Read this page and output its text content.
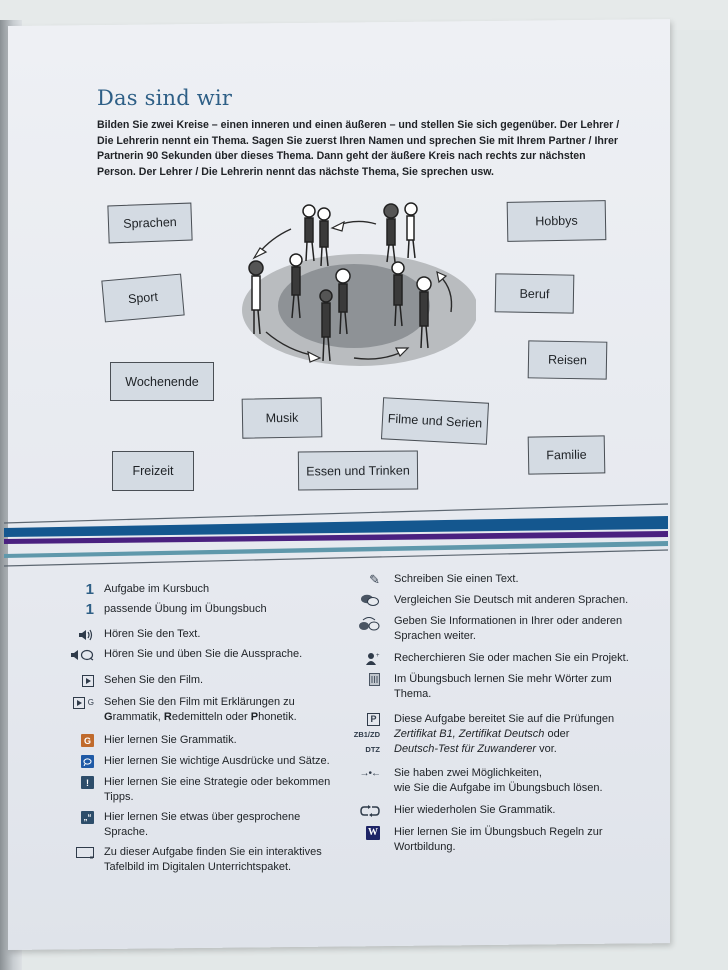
Das sind wir

Bilden Sie zwei Kreise – einen inneren und einen äußeren – und stellen Sie sich gegenüber. Der Lehrer / Die Lehrerin nennt ein Thema. Sagen Sie zuerst Ihren Namen und sprechen Sie mit Ihrem Partner / Ihrer Partnerin 90 Sekunden über dieses Thema. Dann geht der äußere Kreis nach rechts zur nächsten Person. Der Lehrer / Die Lehrerin nennt das nächste Thema, Sie sprechen usw.

Sprachen	Hobbys
Sport	Beruf
Reisen
Wochenende
Musik	Filme und Serien
Familie
Freizeit	Essen und Trinken
1 Aufgabe im Kursbuch
1 passende Übung im Übungsbuch
Hören Sie den Text.
Hören Sie und üben Sie die Aussprache.
Sehen Sie den Film.
G Sehen Sie den Film mit Erklärungen zu
Grammatik, Redemitteln oder Phonetik.
G Hier lernen Sie Grammatik.
Hier lernen Sie wichtige Ausdrücke und Sätze.
!	Hier lernen Sie eine Strategie oder bekommen
Tipps.
„“ Hier lernen Sie etwas über gesprochene
Sprache.
Zu dieser Aufgabe finden Sie ein interaktives
Tafelbild im Digitalen Unterrichtspaket.
✎ Schreiben Sie einen Text.
Vergleichen Sie Deutsch mit anderen Sprachen.
Geben Sie Informationen in Ihrer oder anderen
Sprachen weiter.
+ Recherchieren Sie oder machen Sie ein Projekt.
Im Übungsbuch lernen Sie mehr Wörter zum
Thema.
P
ZB1/ZD
DTZ
Diese Aufgabe bereitet Sie auf die Prüfungen
Zertifikat B1, Zertifikat Deutsch oder
Deutsch-Test für Zuwanderer vor.
→•← Sie haben zwei Möglichkeiten,
wie Sie die Aufgabe im Übungsbuch lösen.
Hier wiederholen Sie Grammatik.
W Hier lernen Sie im Übungsbuch Regeln zur
Wortbildung.
